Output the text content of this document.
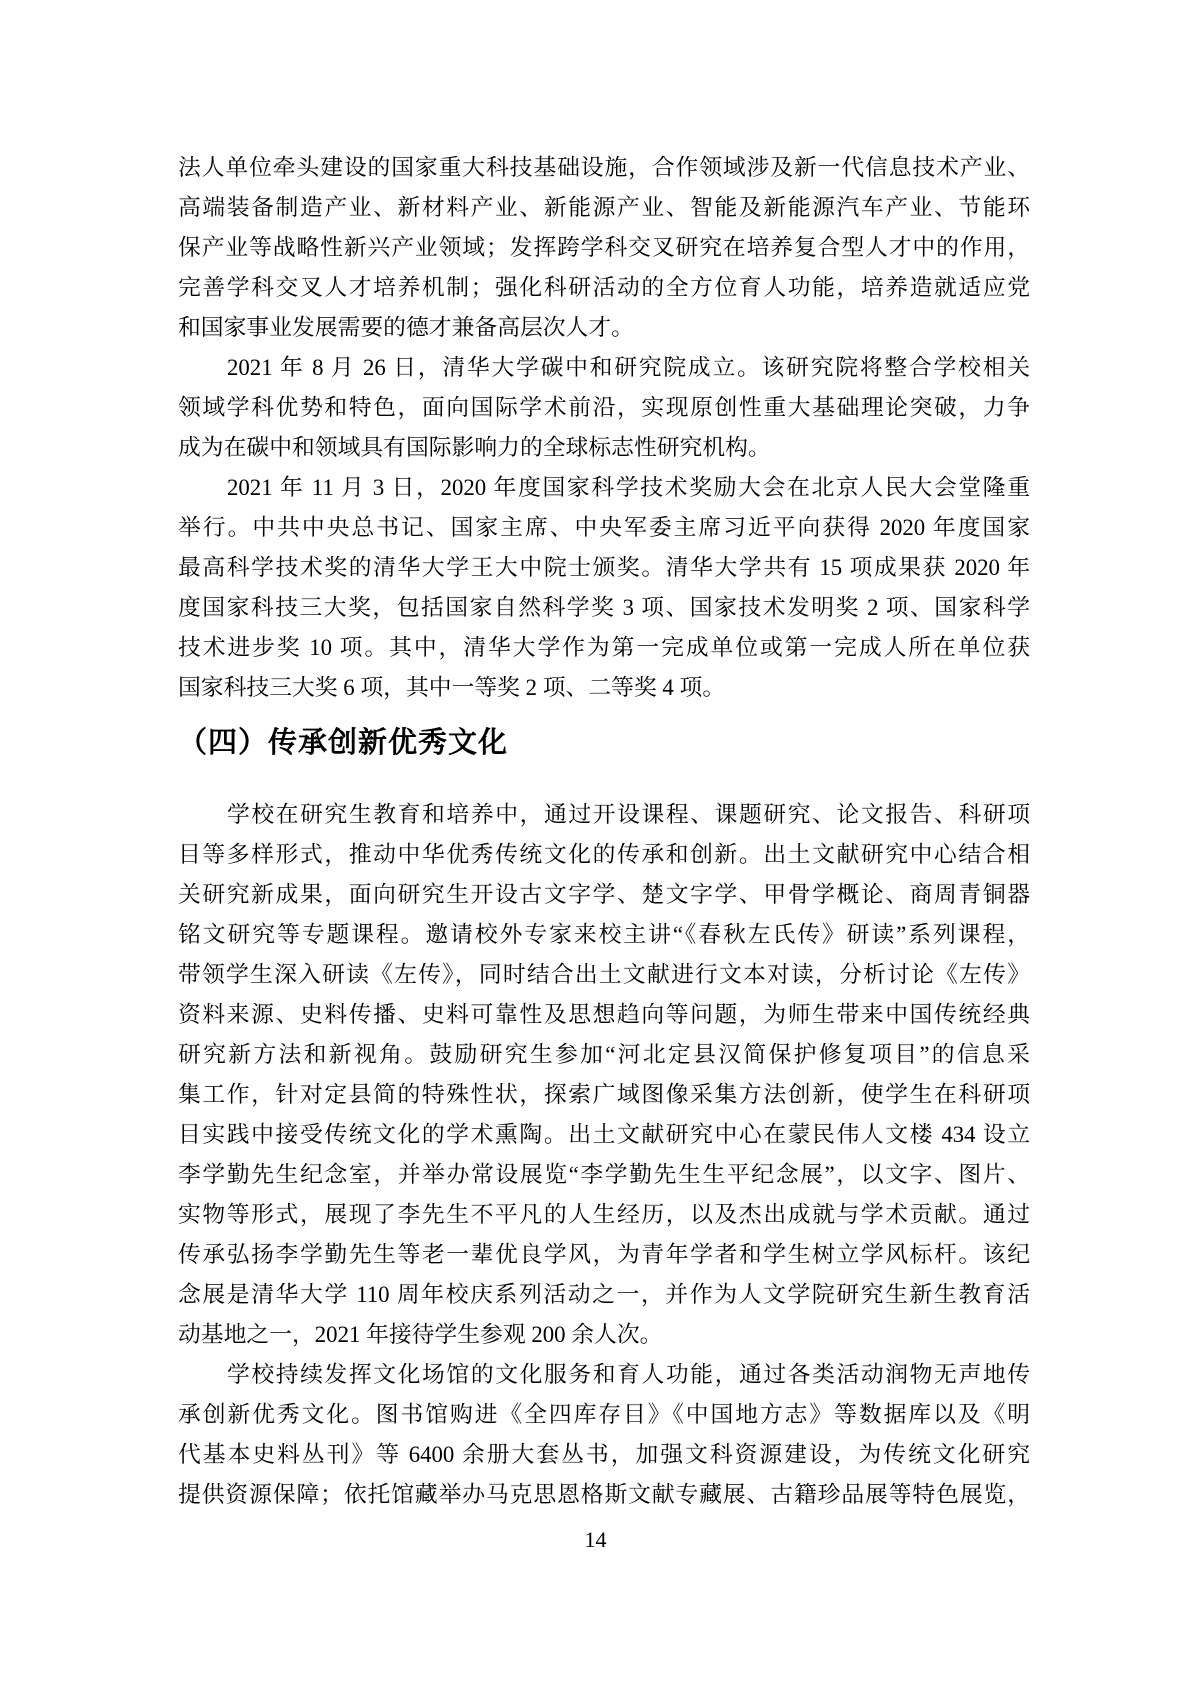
法人单位牵头建设的国家重大科技基础设施，合作领域涉及新一代信息技术产业、
高端装备制造产业、新材料产业、新能源产业、智能及新能源汽车产业、节能环
保产业等战略性新兴产业领域；发挥跨学科交叉研究在培养复合型人才中的作用，
完善学科交叉人才培养机制；强化科研活动的全方位育人功能，培养造就适应党
和国家事业发展需要的德才兼备高层次人才。
2021 年 8 月 26 日，清华大学碳中和研究院成立。该研究院将整合学校相关
领域学科优势和特色，面向国际学术前沿，实现原创性重大基础理论突破，力争
成为在碳中和领域具有国际影响力的全球标志性研究机构。
2021 年 11 月 3 日，2020 年度国家科学技术奖励大会在北京人民大会堂隆重
举行。中共中央总书记、国家主席、中央军委主席习近平向获得 2020 年度国家
最高科学技术奖的清华大学王大中院士颁奖。清华大学共有 15 项成果获 2020 年
度国家科技三大奖，包括国家自然科学奖 3 项、国家技术发明奖 2 项、国家科学
技术进步奖 10 项。其中，清华大学作为第一完成单位或第一完成人所在单位获
国家科技三大奖 6 项，其中一等奖 2 项、二等奖 4 项。
（四）传承创新优秀文化
学校在研究生教育和培养中，通过开设课程、课题研究、论文报告、科研项
目等多样形式，推动中华优秀传统文化的传承和创新。出土文献研究中心结合相
关研究新成果，面向研究生开设古文字学、楚文字学、甲骨学概论、商周青铜器
铭文研究等专题课程。邀请校外专家来校主讲“《春秋左氏传》研读”系列课程，
带领学生深入研读《左传》，同时结合出土文献进行文本对读，分析讨论《左传》
资料来源、史料传播、史料可靠性及思想趋向等问题，为师生带来中国传统经典
研究新方法和新视角。鼓励研究生参加“河北定县汉简保护修复项目”的信息采
集工作，针对定县简的特殊性状，探索广域图像采集方法创新，使学生在科研项
目实践中接受传统文化的学术熏陶。出土文献研究中心在蒙民伟人文楼 434 设立
李学勤先生纪念室，并举办常设展览“李学勤先生生平纪念展”，以文字、图片、
实物等形式，展现了李先生不平凡的人生经历，以及杰出成就与学术贡献。通过
传承弘扬李学勤先生等老一辈优良学风，为青年学者和学生树立学风标杆。该纪
念展是清华大学 110 周年校庆系列活动之一，并作为人文学院研究生新生教育活
动基地之一，2021 年接待学生参观 200 余人次。
学校持续发挥文化场馆的文化服务和育人功能，通过各类活动润物无声地传
承创新优秀文化。图书馆购进《全四库存目》《中国地方志》等数据库以及《明
代基本史料丛刊》等 6400 余册大套丛书，加强文科资源建设，为传统文化研究
提供资源保障；依托馆藏举办马克思恩格斯文献专藏展、古籍珍品展等特色展览，
14
